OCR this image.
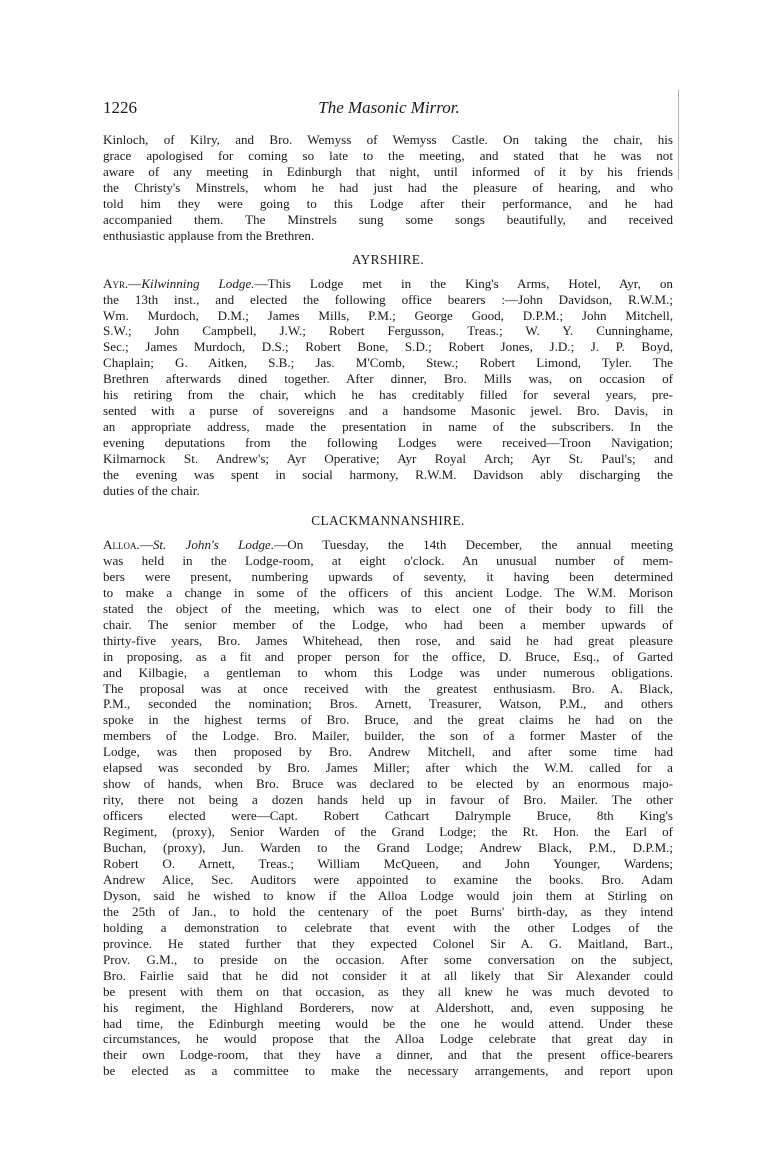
1226	The Masonic Mirror.

Kinloch, of Kilry, and Bro. Wemyss of Wemyss Castle. On taking the chair, his

grace apologised for coming so late to the meeting, and stated that he was not

aware of any meeting in Edinburgh that night, until informed of it by his friends

the Christy's Minstrels, whom he had just had the pleasure of hearing, and who

told him they were going to this Lodge after their performance, and he had

accompanied them. The Minstrels sung some songs beautifully, and received

enthusiastic applause from the Brethren.

AYRSHIRE.

Ayr.—Kilwinning Lodge.—This Lodge met in the King's Arms, Hotel, Ayr, on

the 13th inst., and elected the following office bearers :—John Davidson, R.W.M.;

Wm. Murdoch, D.M.; James Mills, P.M.; George Good, D.P.M.; John Mitchell,

S.W.; John Campbell, J.W.; Robert Fergusson, Treas.; W. Y. Cunninghame,

Sec.; James Murdoch, D.S.; Robert Bone, S.D.; Robert Jones, J.D.; J. P. Boyd,

Chaplain; G. Aitken, S.B.; Jas. M'Comb, Stew.; Robert Limond, Tyler. The

Brethren afterwards dined together. After dinner, Bro. Mills was, on occasion of

his retiring from the chair, which he has creditably filled for several years, pre-

sented with a purse of sovereigns and a handsome Masonic jewel. Bro. Davis, in

an appropriate address, made the presentation in name of the subscribers. In the

evening deputations from the following Lodges were received—Troon Navigation;

Kilmarnock St. Andrew's; Ayr Operative; Ayr Royal Arch; Ayr St. Paul's; and

the evening was spent in social harmony, R.W.M. Davidson ably discharging the

duties of the chair.

CLACKMANNANSHIRE.

Alloa.—St. John's Lodge.—On Tuesday, the 14th December, the annual meeting

was held in the Lodge-room, at eight o'clock. An unusual number of mem-

bers were present, numbering upwards of seventy, it having been determined

to make a change in some of the officers of this ancient Lodge. The W.M. Morison

stated the object of the meeting, which was to elect one of their body to fill the

chair. The senior member of the Lodge, who had been a member upwards of

thirty-five years, Bro. James Whitehead, then rose, and said he had great pleasure

in proposing, as a fit and proper person for the office, D. Bruce, Esq., of Garted

and Kilbagie, a gentleman to whom this Lodge was under numerous obligations.

The proposal was at once received with the greatest enthusiasm. Bro. A. Black,

P.M., seconded the nomination; Bros. Arnett, Treasurer, Watson, P.M., and others

spoke in the highest terms of Bro. Bruce, and the great claims he had on the

members of the Lodge. Bro. Mailer, builder, the son of a former Master of the

Lodge, was then proposed by Bro. Andrew Mitchell, and after some time had

elapsed was seconded by Bro. James Miller; after which the W.M. called for a

show of hands, when Bro. Bruce was declared to be elected by an enormous majo-

rity, there not being a dozen hands held up in favour of Bro. Mailer. The other

officers elected were—Capt. Robert Cathcart Dalrymple Bruce, 8th King's

Regiment, (proxy), Senior Warden of the Grand Lodge; the Rt. Hon. the Earl of

Buchan, (proxy), Jun. Warden to the Grand Lodge; Andrew Black, P.M., D.P.M.;

Robert O. Arnett, Treas.; William McQueen, and John Younger, Wardens;

Andrew Alice, Sec. Auditors were appointed to examine the books. Bro. Adam

Dyson, said he wished to know if the Alloa Lodge would join them at Stirling on

the 25th of Jan., to hold the centenary of the poet Burns' birth-day, as they intend

holding a demonstration to celebrate that event with the other Lodges of the

province. He stated further that they expected Colonel Sir A. G. Maitland, Bart.,

Prov. G.M., to preside on the occasion. After some conversation on the subject,

Bro. Fairlie said that he did not consider it at all likely that Sir Alexander could

be present with them on that occasion, as they all knew he was much devoted to

his regiment, the Highland Borderers, now at Aldershott, and, even supposing he

had time, the Edinburgh meeting would be the one he would attend. Under these

circumstances, he would propose that the Alloa Lodge celebrate that great day in

their own Lodge-room, that they have a dinner, and that the present office-bearers

be elected as a committee to make the necessary arrangements, and report upon
